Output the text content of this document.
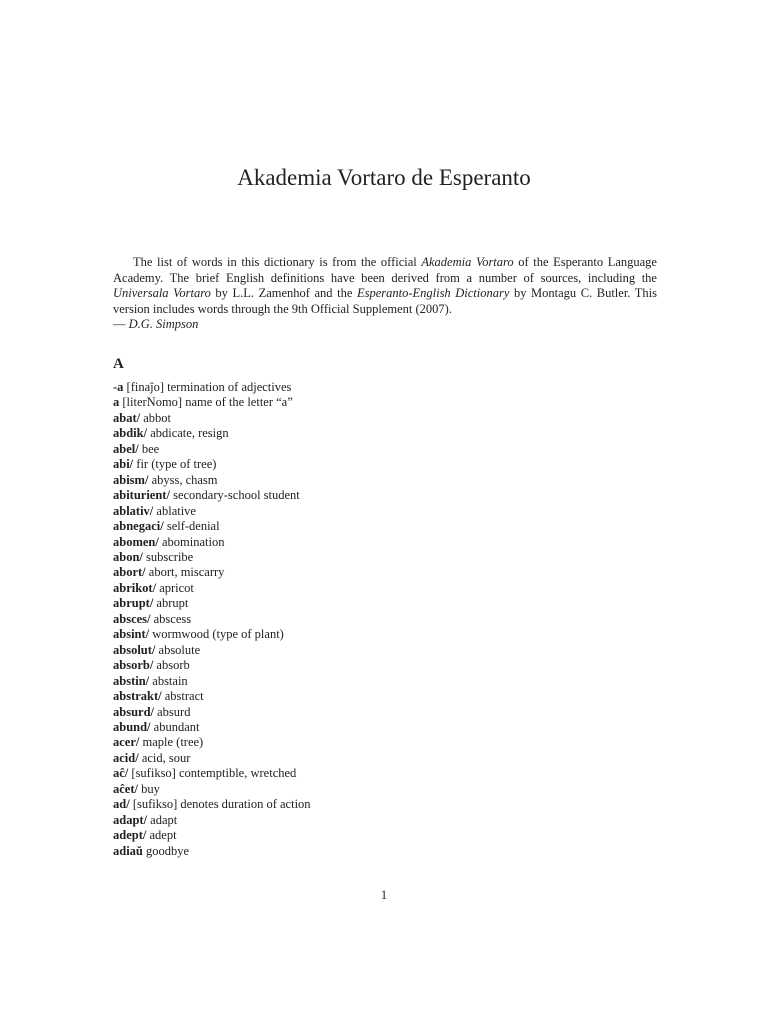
Akademia Vortaro de Esperanto

The list of words in this dictionary is from the official Akademia Vortaro of the Esperanto Language Academy. The brief English definitions have been derived from a number of sources, including the Universala Vortaro by L.L. Zamenhof and the Esperanto-English Dictionary by Montagu C. Butler. This version includes words through the 9th Official Supplement (2007).
— D.G. Simpson

A
-a [finaĵo] termination of adjectives
a [literNomo] name of the letter “a”
abat/ abbot
abdik/ abdicate, resign
abel/ bee
abi/ fir (type of tree)
abism/ abyss, chasm
abiturient/ secondary-school student
ablativ/ ablative
abnegaci/ self-denial
abomen/ abomination
abon/ subscribe
abort/ abort, miscarry
abrikot/ apricot
abrupt/ abrupt
absces/ abscess
absint/ wormwood (type of plant)
absolut/ absolute
absorb/ absorb
abstin/ abstain
abstrakt/ abstract
absurd/ absurd
abund/ abundant
acer/ maple (tree)
acid/ acid, sour
aĉ/ [sufikso] contemptible, wretched
aĉet/ buy
ad/ [sufikso] denotes duration of action
adapt/ adapt
adept/ adept
adiaŭ goodbye
1
